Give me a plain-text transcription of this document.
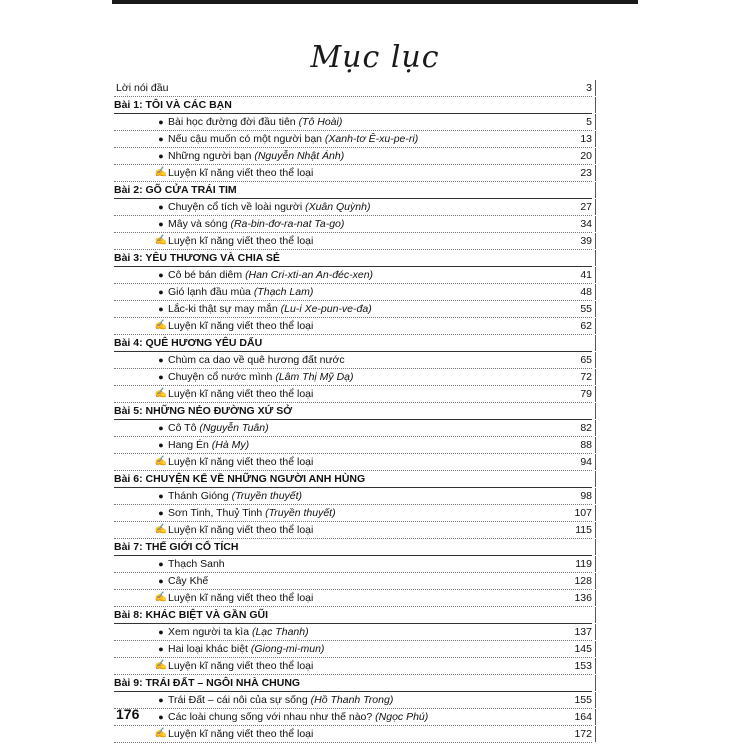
Mục lục
Lời nói đầu	3
Bài 1: TÔI VÀ CÁC BẠN
● Bài học đường đời đầu tiên (Tô Hoài)	5
● Nếu cậu muốn có một người bạn (Xanh-tơ Ê-xu-pe-ri)	13
● Những người bạn (Nguyễn Nhật Ánh)	20
✍ Luyện kĩ năng viết theo thể loại	23
Bài 2: GÕ CỬA TRÁI TIM
● Chuyện cổ tích về loài người (Xuân Quỳnh)	27
● Mây và sóng (Ra-bin-đơ-ra-nat Ta-go)	34
✍ Luyện kĩ năng viết theo thể loại	39
Bài 3: YÊU THƯƠNG VÀ CHIA SẺ
● Cô bé bán diêm (Han Cri-xti-an An-đéc-xen)	41
● Gió lạnh đầu mùa (Thạch Lam)	48
● Lắc-ki thật sự may mắn (Lu-i Xe-pun-ve-đa)	55
✍ Luyện kĩ năng viết theo thể loại	62
Bài 4: QUÊ HƯƠNG YÊU DẤU
● Chùm ca dao về quê hương đất nước	65
● Chuyện cổ nước mình (Lâm Thị Mỹ Dạ)	72
✍ Luyện kĩ năng viết theo thể loại	79
Bài 5: NHỮNG NẺO ĐƯỜNG XỨ SỞ
● Cô Tô (Nguyễn Tuân)	82
● Hang Én (Hà My)	88
✍ Luyện kĩ năng viết theo thể loại	94
Bài 6: CHUYỆN KỂ VỀ NHỮNG NGƯỜI ANH HÙNG
● Thánh Gióng (Truyền thuyết)	98
● Sơn Tinh, Thuỷ Tinh (Truyền thuyết)	107
✍ Luyện kĩ năng viết theo thể loại	115
Bài 7: THẾ GIỚI CỔ TÍCH
● Thạch Sanh	119
● Cây Khế	128
✍ Luyện kĩ năng viết theo thể loại	136
Bài 8: KHÁC BIỆT VÀ GẦN GŨI
● Xem người ta kìa (Lạc Thanh)	137
● Hai loại khác biệt (Giong-mi-mun)	145
✍ Luyện kĩ năng viết theo thể loại	153
Bài 9: TRÁI ĐẤT – NGÔI NHÀ CHUNG
● Trái Đất – cái nôi của sự sống (Hồ Thanh Trong)	155
● Các loài chung sống với nhau như thế nào? (Ngọc Phú)	164
✍ Luyện kĩ năng viết theo thể loại	172
176
